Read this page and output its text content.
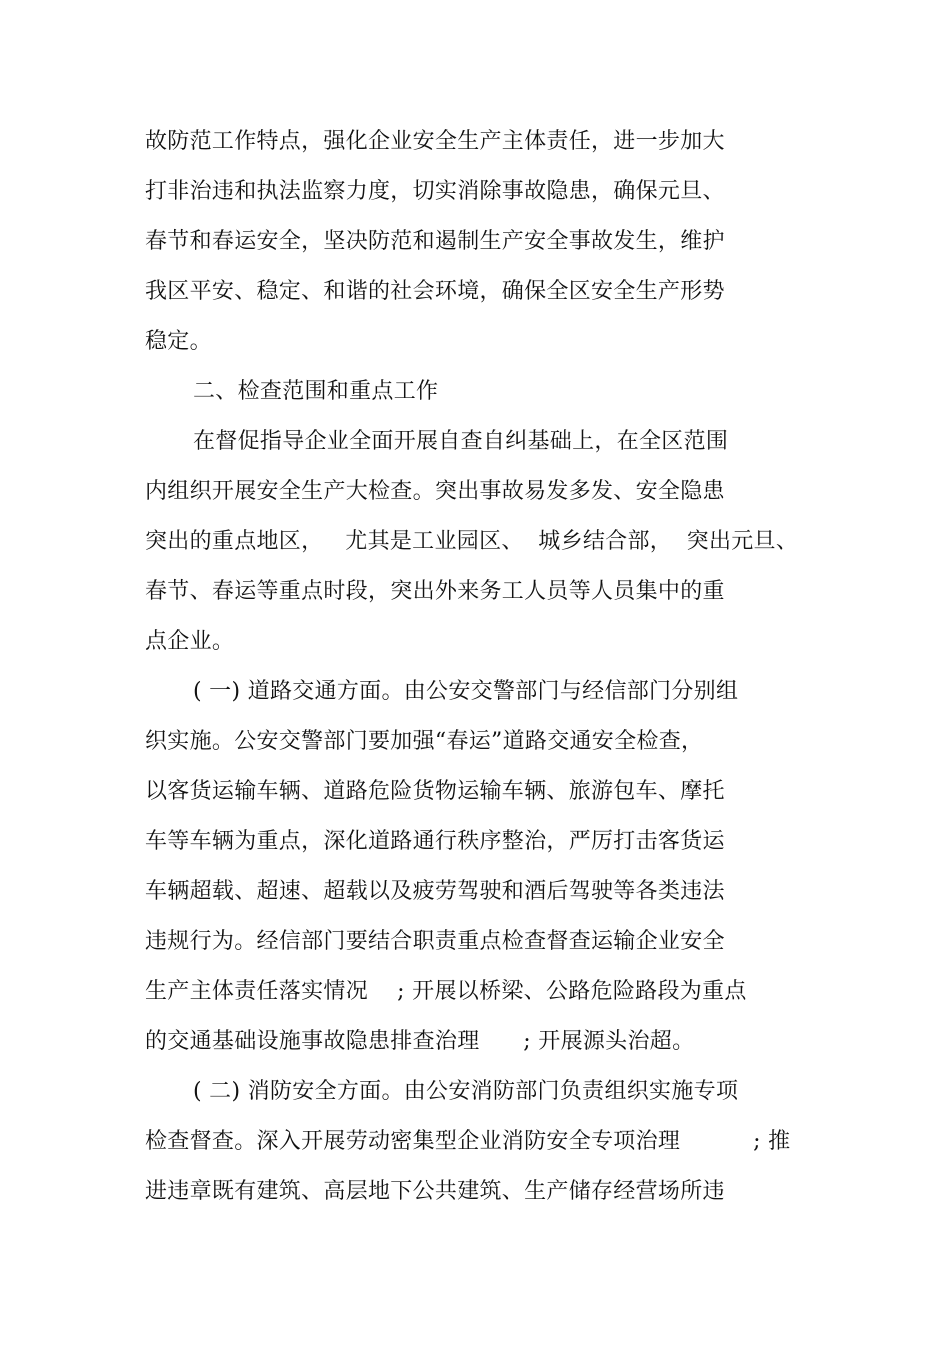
故防范工作特点，强化企业安全生产主体责任，进一步加大
打非治违和执法监察力度，切实消除事故隐患，确保元旦、
春节和春运安全，坚决防范和遏制生产安全事故发生，维护
我区平安、稳定、和谐的社会环境，确保全区安全生产形势
稳定。
二、检查范围和重点工作
在督促指导企业全面开展自查自纠基础上，在全区范围
内组织开展安全生产大检查。突出事故易发多发、安全隐患
突出的重点地区，   尤其是工业园区、  城乡结合部，  突出元旦、
春节、春运等重点时段，突出外来务工人员等人员集中的重
点企业。
( 一) 道路交通方面。由公安交警部门与经信部门分别组
织实施。公安交警部门要加强“春运”道路交通安全检查，
以客货运输车辆、道路危险货物运输车辆、旅游包车、摩托
车等车辆为重点，深化道路通行秩序整治，严厉打击客货运
车辆超载、超速、超载以及疲劳驾驶和酒后驾驶等各类违法
违规行为。经信部门要结合职责重点检查督查运输企业安全
生产主体责任落实情况    ; 开展以桥梁、公路危险路段为重点
的交通基础设施事故隐患排查治理      ; 开展源头治超。
( 二) 消防安全方面。由公安消防部门负责组织实施专项
检查督查。深入开展劳动密集型企业消防安全专项治理          ; 推
进违章既有建筑、高层地下公共建筑、生产储存经营场所违
